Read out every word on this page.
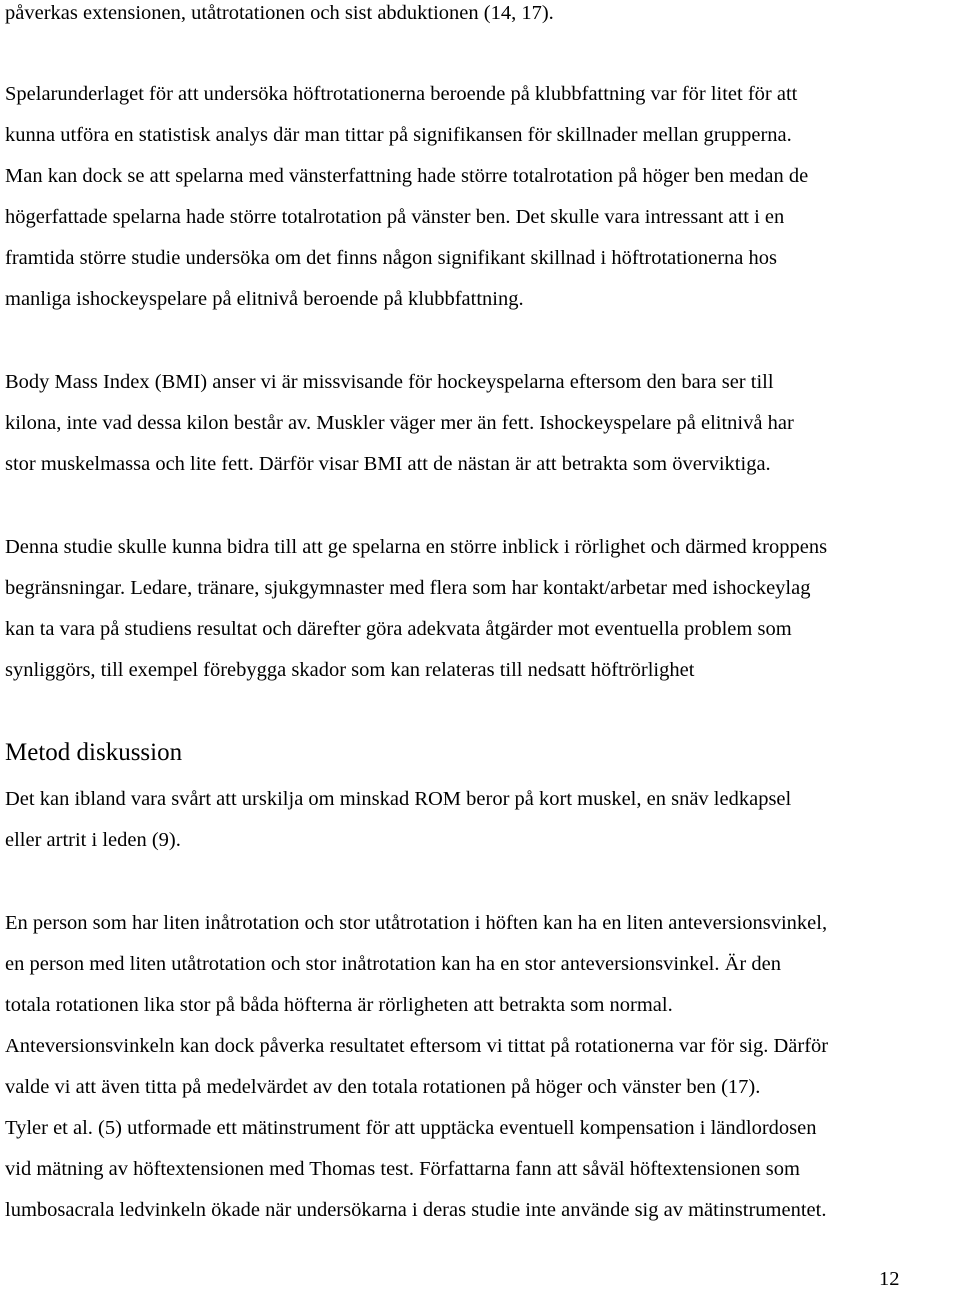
påverkas extensionen, utåtrotationen och sist abduktionen (14, 17).

Spelarunderlaget för att undersöka höftrotationerna beroende på klubbfattning var för litet för att

kunna utföra en statistisk analys där man tittar på signifikansen för skillnader mellan grupperna.

Man kan dock se att spelarna med vänsterfattning hade större totalrotation på höger ben medan de

högerfattade spelarna hade större totalrotation på vänster ben. Det skulle vara intressant att i en

framtida större studie undersöka om det finns någon signifikant skillnad i höftrotationerna hos

manliga ishockeyspelare på elitnivå beroende på klubbfattning.

Body Mass Index (BMI) anser vi är missvisande för hockeyspelarna eftersom den bara ser till

kilona, inte vad dessa kilon består av. Muskler väger mer än fett. Ishockeyspelare på elitnivå har

stor muskelmassa och lite fett. Därför visar BMI att de nästan är att betrakta som överviktiga.

Denna studie skulle kunna bidra till att ge spelarna en större inblick i rörlighet och därmed kroppens

begränsningar. Ledare, tränare, sjukgymnaster med flera som har kontakt/arbetar med ishockeylag

kan ta vara på studiens resultat och därefter göra adekvata åtgärder mot eventuella problem som

synliggörs, till exempel förebygga skador som kan relateras till nedsatt höftrörlighet

Metod diskussion

Det kan ibland vara svårt att urskilja om minskad ROM beror på kort muskel, en snäv ledkapsel

eller artrit i leden (9).

En person som har liten inåtrotation och stor utåtrotation i höften kan ha en liten anteversionsvinkel,

en person med liten utåtrotation och stor inåtrotation kan ha en stor anteversionsvinkel. Är den

totala rotationen lika stor på båda höfterna är rörligheten att betrakta som normal.

Anteversionsvinkeln kan dock påverka resultatet eftersom vi tittat på rotationerna var för sig. Därför

valde vi att även titta på medelvärdet av den totala rotationen på höger och vänster ben (17).

Tyler et al. (5) utformade ett mätinstrument för att upptäcka eventuell kompensation i ländlordosen

vid mätning av höftextensionen med Thomas test. Författarna fann att såväl höftextensionen som

lumbosacrala ledvinkeln ökade när undersökarna i deras studie inte använde sig av mätinstrumentet.

12
